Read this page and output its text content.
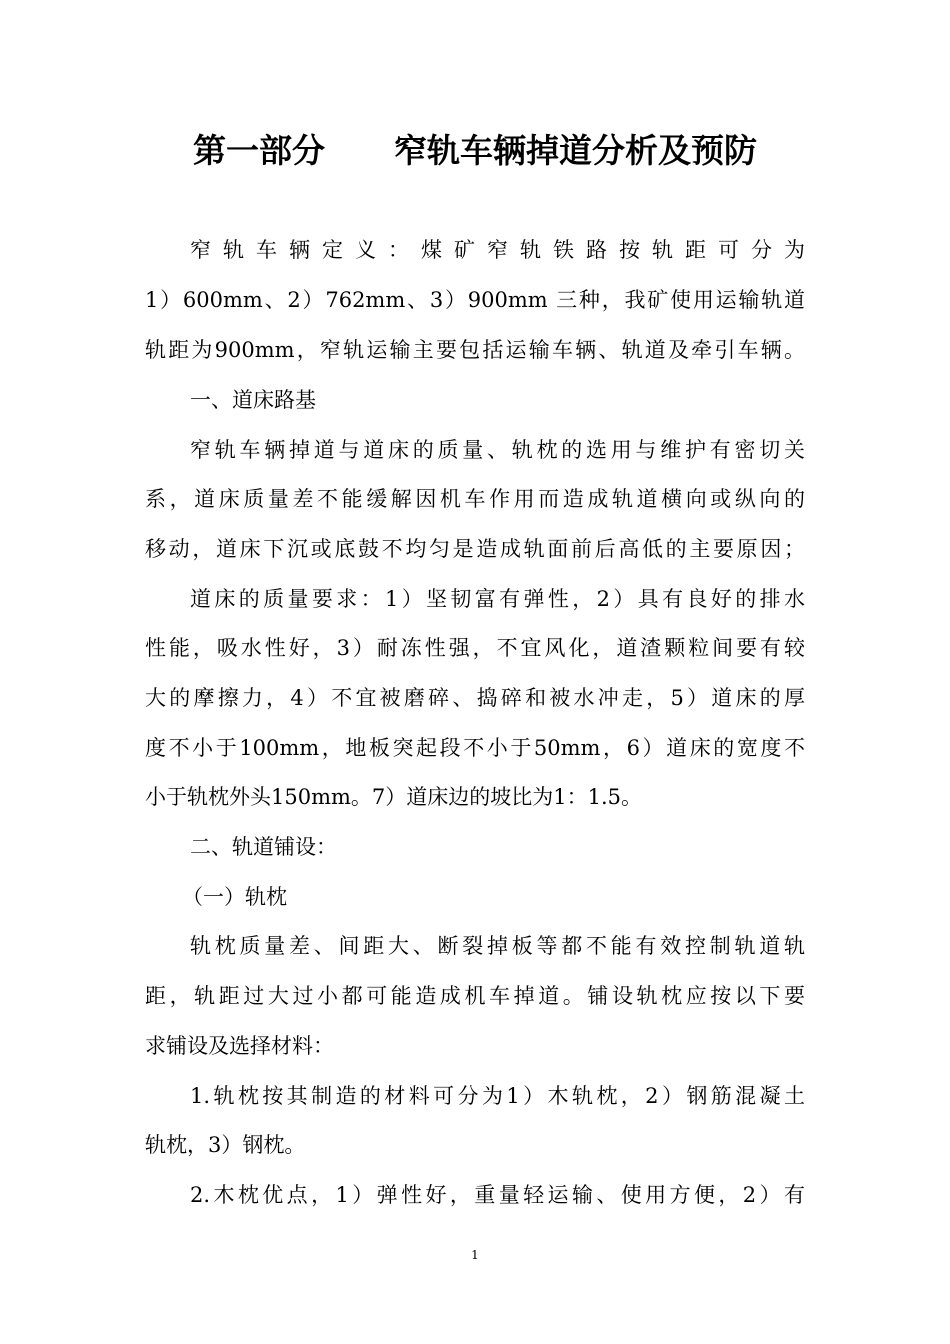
第一部分      窄轨车辆掉道分析及预防
窄轨车辆定义：煤矿窄轨铁路按轨距可分为
1）600mm、2）762mm、3）900mm 三种，我矿使用运输轨道
轨距为900mm，窄轨运输主要包括运输车辆、轨道及牵引车辆。
一、道床路基
窄轨车辆掉道与道床的质量、轨枕的选用与维护有密切关
系，道床质量差不能缓解因机车作用而造成轨道横向或纵向的
移动，道床下沉或底鼓不均匀是造成轨面前后高低的主要原因；
道床的质量要求：1）坚韧富有弹性，2）具有良好的排水
性能，吸水性好，3）耐冻性强，不宜风化，道渣颗粒间要有较
大的摩擦力，4）不宜被磨碎、捣碎和被水冲走，5）道床的厚
度不小于100mm，地板突起段不小于50mm，6）道床的宽度不
小于轨枕外头150mm。7）道床边的坡比为1：1.5。
二、轨道铺设：
（一）轨枕
轨枕质量差、间距大、断裂掉板等都不能有效控制轨道轨
距，轨距过大过小都可能造成机车掉道。铺设轨枕应按以下要
求铺设及选择材料：
1.轨枕按其制造的材料可分为1）木轨枕，2）钢筋混凝土
轨枕，3）钢枕。
2.木枕优点，1）弹性好，重量轻运输、使用方便，2）有
1
